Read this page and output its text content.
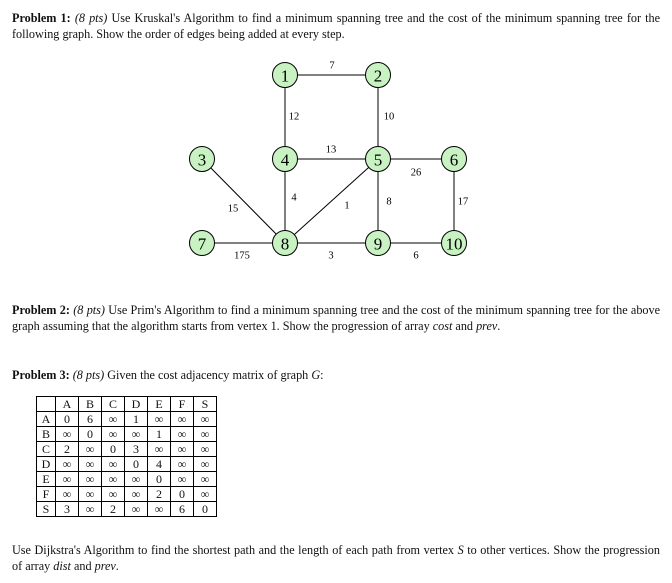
Problem 1: (8 pts) Use Kruskal's Algorithm to find a minimum spanning tree and the cost of the minimum spanning tree for the following graph. Show the order of edges being added at every step.
7
12	10
13
26
15
4
1	8	17
175	3	6
1	2
3	4	5	6
7	8	9	10
Problem 2: (8 pts) Use Prim's Algorithm to find a minimum spanning tree and the cost of the minimum spanning tree for the above graph assuming that the algorithm starts from vertex 1. Show the progression of array cost and prev.
Problem 3: (8 pts) Given the cost adjacency matrix of graph G:
	A	B	C	D	E	F	S
A	0	6	∞	1	∞	∞	∞
B	∞	0	∞	∞	1	∞	∞
C	2	∞	0	3	∞	∞	∞
D	∞	∞	∞	0	4	∞	∞
E	∞	∞	∞	∞	0	∞	∞
F	∞	∞	∞	∞	2	0	∞
S	3	∞	2	∞	∞	6	0
Use Dijkstra's Algorithm to find the shortest path and the length of each path from vertex S to other vertices. Show the progression of array dist and prev.
